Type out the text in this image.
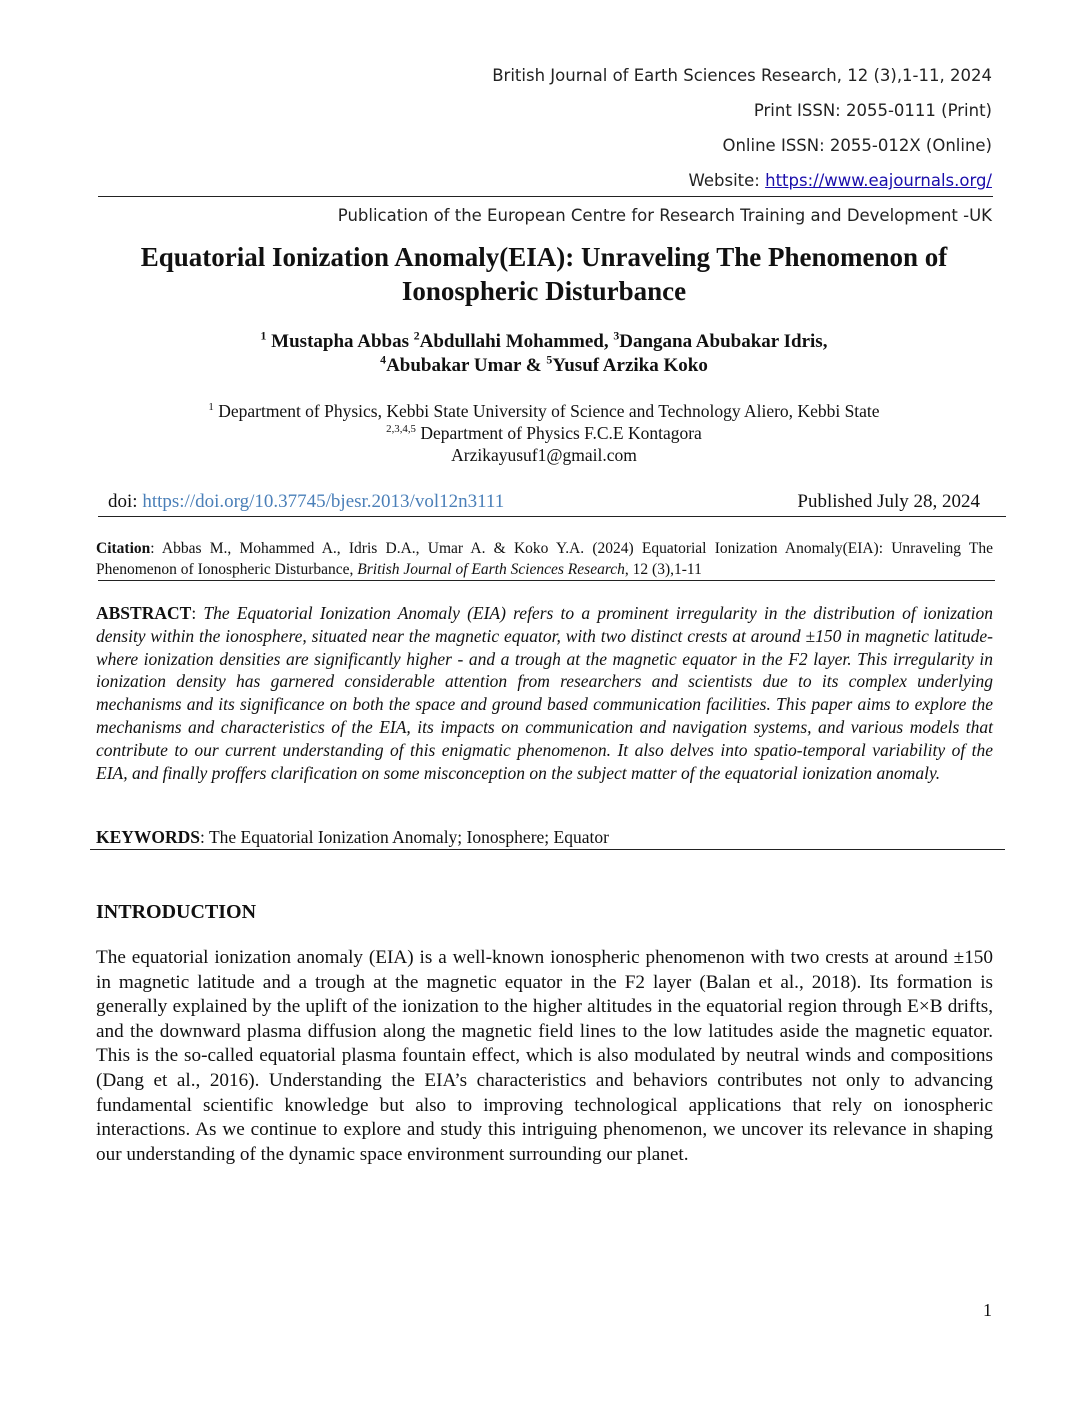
British Journal of Earth Sciences Research, 12 (3),1-11, 2024
Print ISSN: 2055-0111 (Print)
Online ISSN: 2055-012X (Online)
Website: https://www.eajournals.org/
Publication of the European Centre for Research Training and Development -UK
Equatorial Ionization Anomaly(EIA): Unraveling The Phenomenon of
Ionospheric Disturbance
$^1$ Mustapha Abbas $^2$Abdullahi Mohammed, $^3$Dangana Abubakar Idris,
$^4$Abubakar Umar & $^5$Yusuf Arzika Koko
$^1$ Department of Physics, Kebbi State University of Science and Technology Aliero, Kebbi State
$^{2,3,4,5}$ Department of Physics F.C.E Kontagora
Arzikayusuf1@gmail.com
doi: https://doi.org/10.37745/bjesr.2013/vol12n3111	Published July 28, 2024
Citation: Abbas M., Mohammed A., Idris D.A., Umar A. & Koko Y.A. (2024) Equatorial Ionization Anomaly(EIA): Unraveling The Phenomenon of Ionospheric Disturbance, British Journal of Earth Sciences Research, 12 (3),1-11
ABSTRACT: The Equatorial Ionization Anomaly (EIA) refers to a prominent irregularity in the distribution of ionization density within the ionosphere, situated near the magnetic equator, with two distinct crests at around ±150 in magnetic latitude- where ionization densities are significantly higher - and a trough at the magnetic equator in the F2 layer. This irregularity in ionization density has garnered considerable attention from researchers and scientists due to its complex underlying mechanisms and its significance on both the space and ground based communication facilities. This paper aims to explore the mechanisms and characteristics of the EIA, its impacts on communication and navigation systems, and various models that contribute to our current understanding of this enigmatic phenomenon. It also delves into spatio-temporal variability of the EIA, and finally proffers clarification on some misconception on the subject matter of the equatorial ionization anomaly.
KEYWORDS: The Equatorial Ionization Anomaly; Ionosphere; Equator
INTRODUCTION
The equatorial ionization anomaly (EIA) is a well-known ionospheric phenomenon with two crests at around ±150 in magnetic latitude and a trough at the magnetic equator in the F2 layer (Balan et al., 2018). Its formation is generally explained by the uplift of the ionization to the higher altitudes in the equatorial region through E×B drifts, and the downward plasma diffusion along the magnetic field lines to the low latitudes aside the magnetic equator. This is the so-called equatorial plasma fountain effect, which is also modulated by neutral winds and compositions (Dang et al., 2016). Understanding the EIA’s characteristics and behaviors contributes not only to advancing fundamental scientific knowledge but also to improving technological applications that rely on ionospheric interactions. As we continue to explore and study this intriguing phenomenon, we uncover its relevance in shaping our understanding of the dynamic space environment surrounding our planet.
1
